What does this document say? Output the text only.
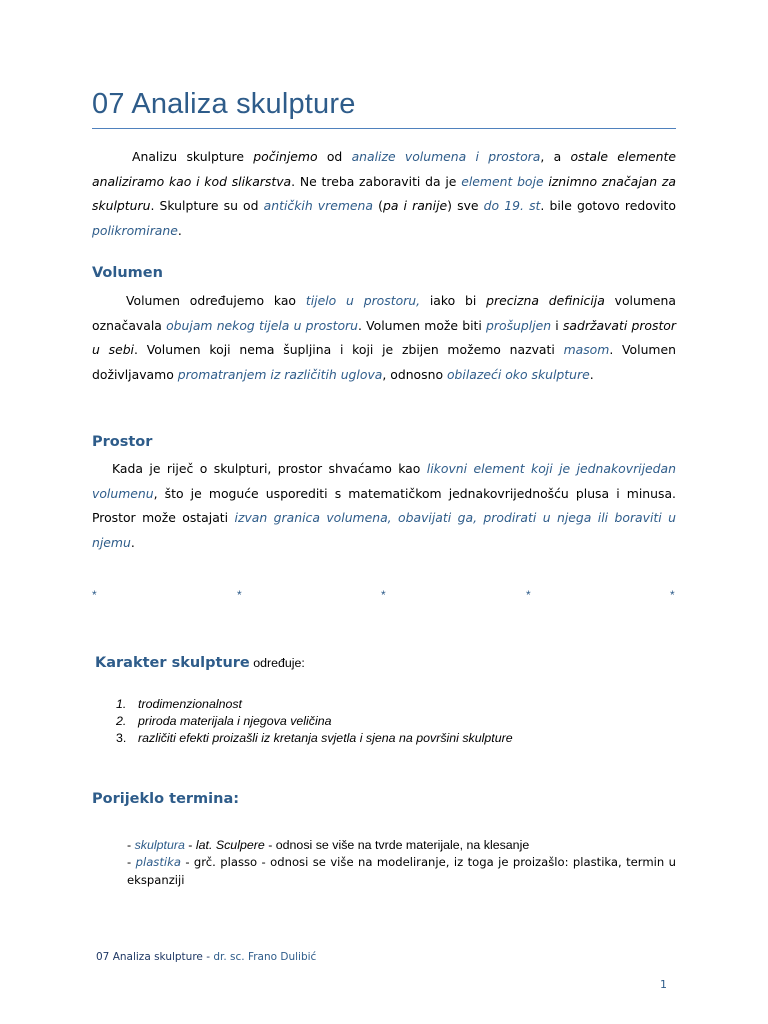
07 Analiza skulpture
Analizu skulpture počinjemo od analize volumena i prostora, a ostale elemente analiziramo kao i kod slikarstva. Ne treba zaboraviti da je element boje iznimno značajan za skulpturu. Skulpture su od antičkih vremena (pa i ranije) sve do 19. st. bile gotovo redovito polikromirane.
Volumen
Volumen određujemo kao tijelo u prostoru, iako bi precizna definicija volumena označavala obujam nekog tijela u prostoru. Volumen može biti prošupljen i sadržavati prostor u sebi. Volumen koji nema šupljina i koji je zbijen možemo nazvati masom. Volumen doživljavamo promatranjem iz različitih uglova, odnosno obilazeći oko skulpture.
Prostor
Kada je riječ o skulpturi, prostor shvaćamo kao likovni element koji je jednakovrijedan volumenu, što je moguće usporediti s matematičkom jednakovrijednošću plusa i minusa. Prostor može ostajati izvan granica volumena, obavijati ga, prodirati u njega ili boraviti u njemu.
*	*	*	*	*
Karakter skulpture određuje:
1. trodimenzionalnost
2. priroda materijala i njegova veličina
3. različiti efekti proizašli iz kretanja svjetla i sjena na površini skulpture
Porijeklo termina:
- skulptura - lat. Sculpere - odnosi se više na tvrde materijale, na klesanje
- plastika - grč. plasso - odnosi se više na modeliranje, iz toga je proizašlo: plastika, termin u ekspanziji
07 Analiza skulpture - dr. sc. Frano Dulibić
1
